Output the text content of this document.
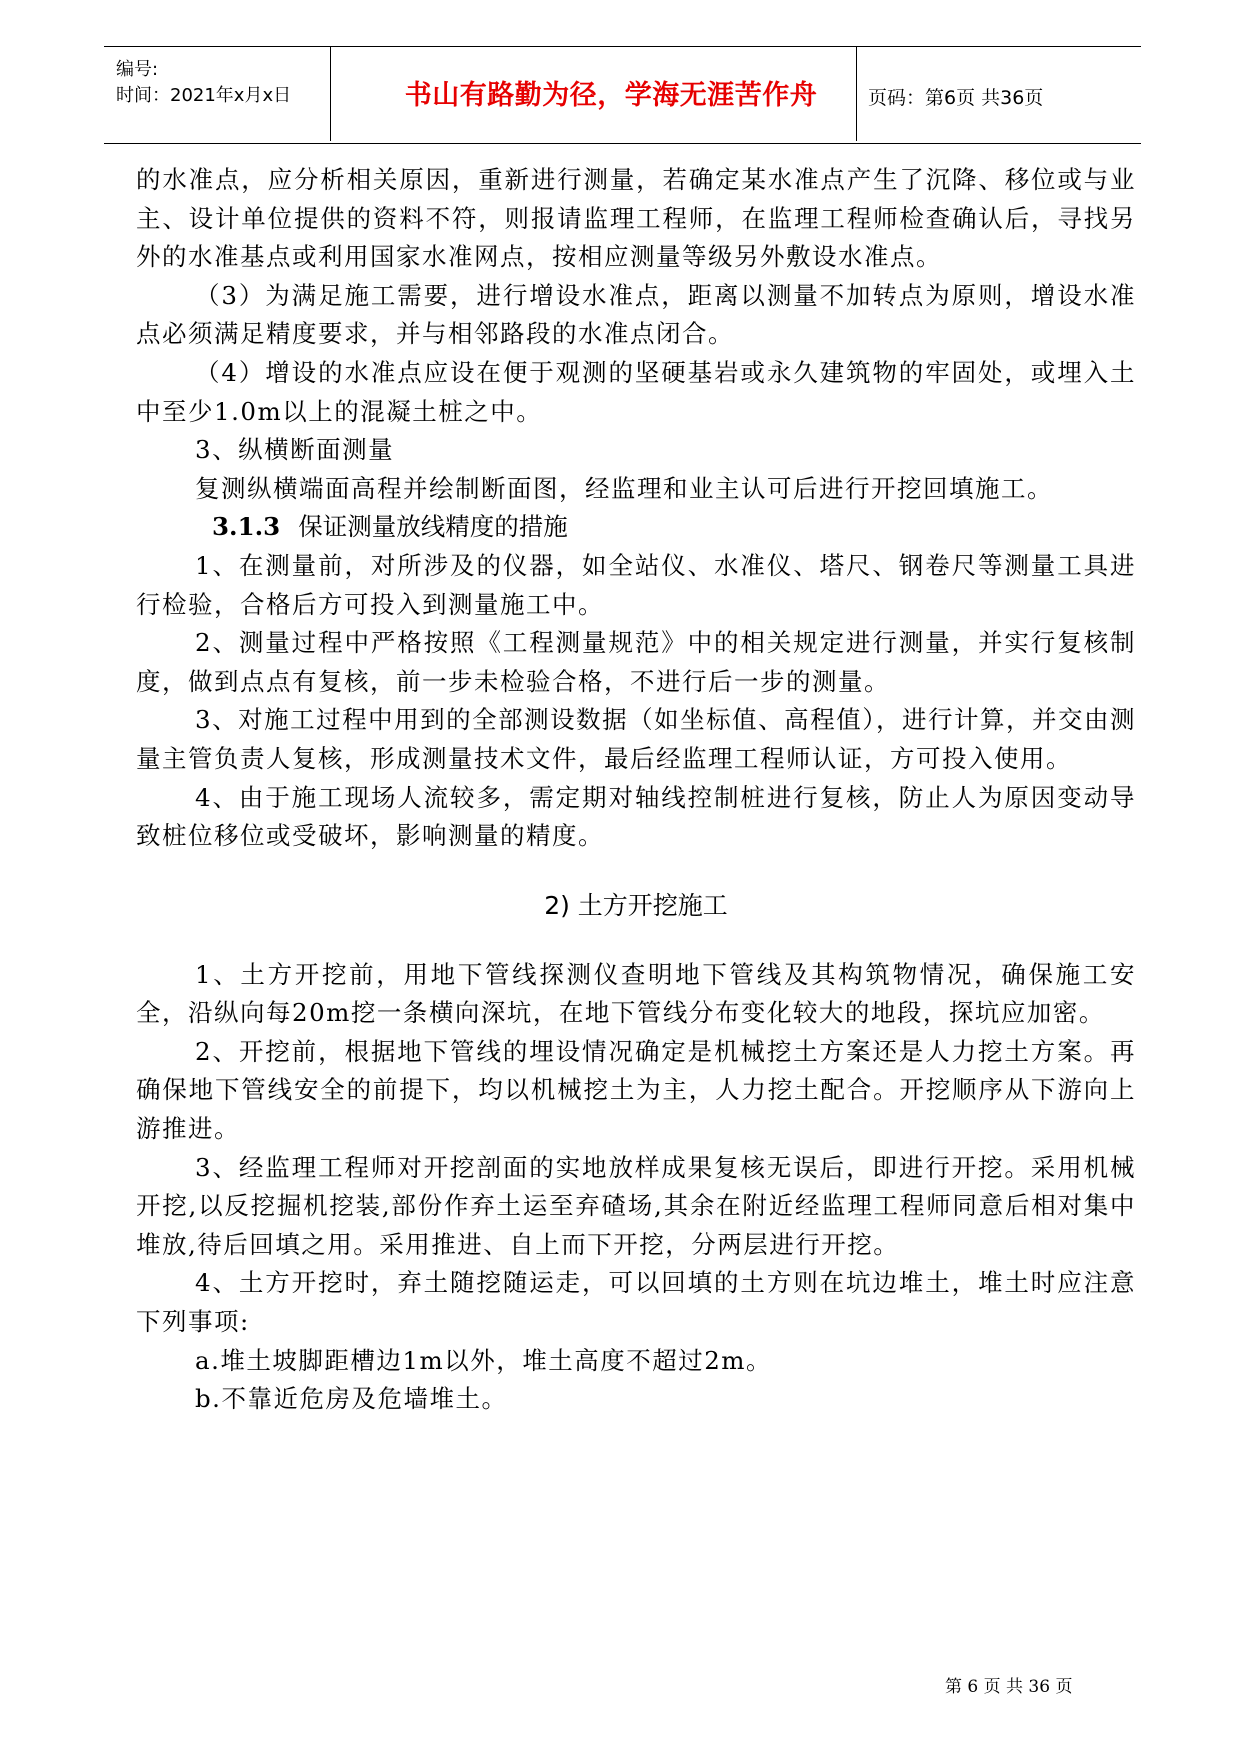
编号:
时间：2021年x月x日	书山有路勤为径，学海无涯苦作舟	页码：第6页 共36页

的水准点，应分析相关原因，重新进行测量，若确定某水准点产生了沉降、移位或与业主、设计单位提供的资料不符，则报请监理工程师，在监理工程师检查确认后，寻找另外的水准基点或利用国家水准网点，按相应测量等级另外敷设水准点。

（3）为满足施工需要，进行增设水准点，距离以测量不加转点为原则，增设水准点必须满足精度要求，并与相邻路段的水准点闭合。

（4）增设的水准点应设在便于观测的坚硬基岩或永久建筑物的牢固处，或埋入土中至少1.0m以上的混凝土桩之中。

3、纵横断面测量

复测纵横端面高程并绘制断面图，经监理和业主认可后进行开挖回填施工。

3.1.3 保证测量放线精度的措施

1、在测量前，对所涉及的仪器，如全站仪、水准仪、塔尺、钢卷尺等测量工具进行检验，合格后方可投入到测量施工中。

2、测量过程中严格按照《工程测量规范》中的相关规定进行测量，并实行复核制度，做到点点有复核，前一步未检验合格，不进行后一步的测量。

3、对施工过程中用到的全部测设数据（如坐标值、高程值），进行计算，并交由测量主管负责人复核，形成测量技术文件，最后经监理工程师认证，方可投入使用。

4、由于施工现场人流较多，需定期对轴线控制桩进行复核，防止人为原因变动导致桩位移位或受破坏，影响测量的精度。

2) 土方开挖施工

1、土方开挖前，用地下管线探测仪查明地下管线及其构筑物情况，确保施工安全，沿纵向每20m挖一条横向深坑，在地下管线分布变化较大的地段，探坑应加密。

2、开挖前，根据地下管线的埋设情况确定是机械挖土方案还是人力挖土方案。再确保地下管线安全的前提下，均以机械挖土为主，人力挖土配合。开挖顺序从下游向上游推进。

3、经监理工程师对开挖剖面的实地放样成果复核无误后，即进行开挖。采用机械开挖,以反挖掘机挖装,部份作弃土运至弃碴场,其余在附近经监理工程师同意后相对集中堆放,待后回填之用。采用推进、自上而下开挖，分两层进行开挖。

4、土方开挖时，弃土随挖随运走，可以回填的土方则在坑边堆土，堆土时应注意下列事项:

a.堆土坡脚距槽边1m以外，堆土高度不超过2m。

b.不靠近危房及危墙堆土。

第 6 页 共 36 页
